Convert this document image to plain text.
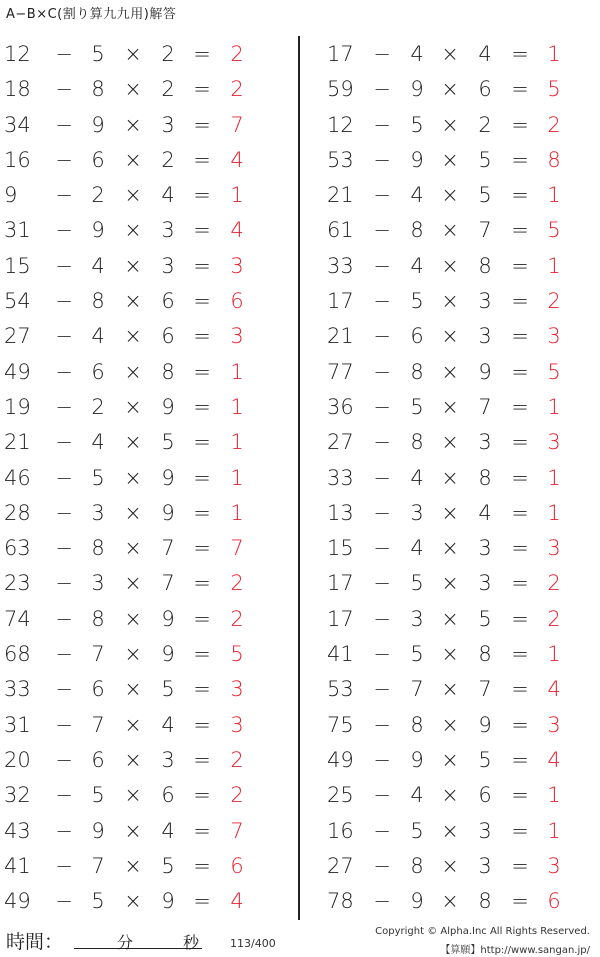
A−B×C(割り算九九用)解答
12	− 5 × 2 = 2
18	− 8 × 2 = 2
34	− 9 × 3 = 7
16	− 6 × 2 = 4
9	− 2 × 4 = 1
31	− 9 × 3 = 4
15	− 4 × 3 = 3
54	− 8 × 6 = 6
27	− 4 × 6 = 3
49	− 6 × 8 = 1
19	− 2 × 9 = 1
21	− 4 × 5 = 1
46	− 5 × 9 = 1
28	− 3 × 9 = 1
63	− 8 × 7 = 7
23	− 3 × 7 = 2
74	− 8 × 9 = 2
68	− 7 × 9 = 5
33	− 6 × 5 = 3
31	− 7 × 4 = 3
20	− 6 × 3 = 2
32	− 5 × 6 = 2
43	− 9 × 4 = 7
41	− 7 × 5 = 6
49	− 5 × 9 = 4
17 − 4 × 4 = 1
59 − 9 × 6 = 5
12 − 5 × 2 = 2
53 − 9 × 5 = 8
21 − 4 × 5 = 1
61 − 8 × 7 = 5
33 − 4 × 8 = 1
17 − 5 × 3 = 2
21 − 6 × 3 = 3
77 − 8 × 9 = 5
36 − 5 × 7 = 1
27 − 8 × 3 = 3
33 − 4 × 8 = 1
13 − 3 × 4 = 1
15 − 4 × 3 = 3
17 − 5 × 3 = 2
17 − 3 × 5 = 2
41 − 5 × 8 = 1
53 − 7 × 7 = 4
75 − 8 × 9 = 3
49 − 9 × 5 = 4
25 − 4 × 6 = 1
16 − 5 × 3 = 1
27 − 8 × 3 = 3
78 − 9 × 8 = 6
時間：	分	秒	113/400
Copyright © Alpha.Inc All Rights Reserved.
【算願】http://www.sangan.jp/
